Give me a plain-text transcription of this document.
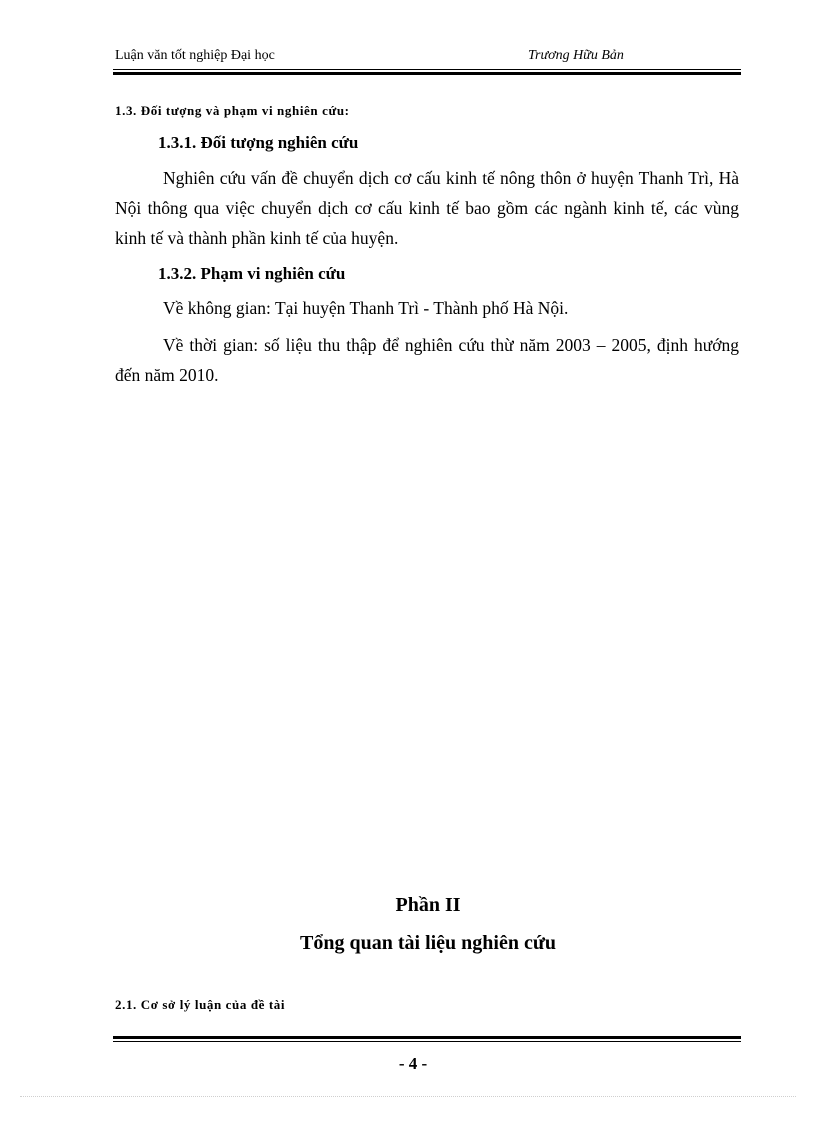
Luận văn tốt nghiệp Đại học	Trương Hữu Bản
1.3. Đối tượng và phạm vi nghiên cứu:
1.3.1. Đối tượng nghiên cứu

Nghiên cứu vấn đề chuyển dịch cơ cấu kinh tế nông thôn ở huyện Thanh Trì, Hà Nội thông qua việc chuyển dịch cơ cấu kinh tế bao gồm các ngành kinh tế, các vùng kinh tế và thành phần kinh tế của huyện.

1.3.2. Phạm vi nghiên cứu
Về không gian: Tại huyện Thanh Trì - Thành phố Hà Nội.

Về thời gian: số liệu thu thập để nghiên cứu thừ năm 2003 – 2005, định hướng đến năm 2010.

Phần II
Tổng quan tài liệu nghiên cứu
2.1. Cơ sở lý luận của đề tài
- 4 -
